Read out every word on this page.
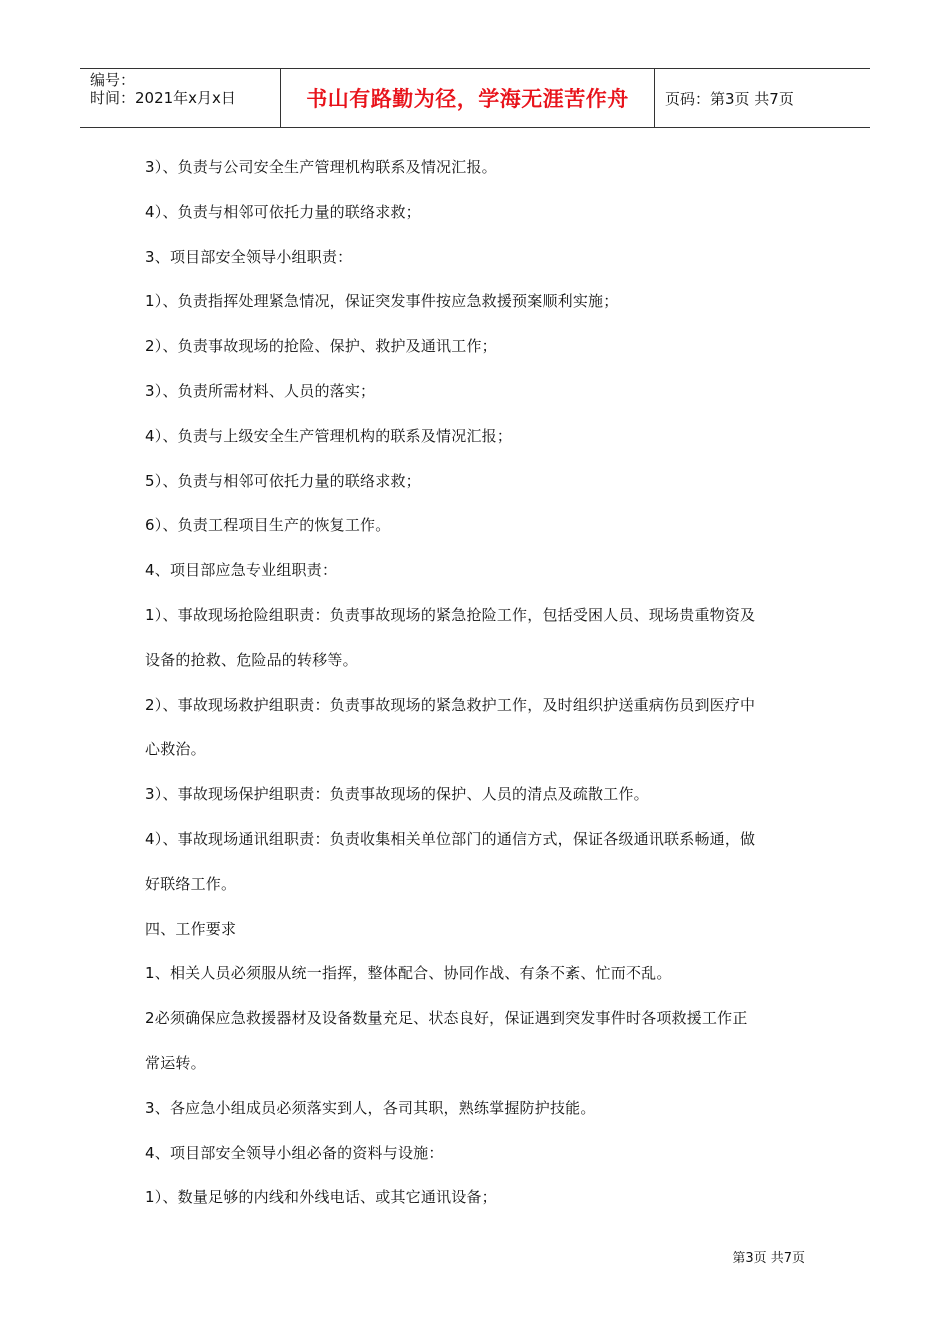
编号：
时间：2021年x月x日	书山有路勤为径，学海无涯苦作舟	页码：第3页 共7页
3）、负责与公司安全生产管理机构联系及情况汇报。
4）、负责与相邻可依托力量的联络求救；
3、项目部安全领导小组职责：
1）、负责指挥处理紧急情况，保证突发事件按应急救援预案顺利实施；
2）、负责事故现场的抢险、保护、救护及通讯工作；
3）、负责所需材料、人员的落实；
4）、负责与上级安全生产管理机构的联系及情况汇报；
5）、负责与相邻可依托力量的联络求救；
6）、负责工程项目生产的恢复工作。
4、项目部应急专业组职责：
1）、事故现场抢险组职责：负责事故现场的紧急抢险工作，包括受困人员、现场贵重物资及
设备的抢救、危险品的转移等。
2）、事故现场救护组职责：负责事故现场的紧急救护工作，及时组织护送重病伤员到医疗中
心救治。
3）、事故现场保护组职责：负责事故现场的保护、人员的清点及疏散工作。
4）、事故现场通讯组职责：负责收集相关单位部门的通信方式，保证各级通讯联系畅通，做
好联络工作。
四、工作要求
1、相关人员必须服从统一指挥，整体配合、协同作战、有条不紊、忙而不乱。
2必须确保应急救援器材及设备数量充足、状态良好，保证遇到突发事件时各项救援工作正
常运转。
3、各应急小组成员必须落实到人，各司其职，熟练掌握防护技能。
4、项目部安全领导小组必备的资料与设施：
1）、数量足够的内线和外线电话、或其它通讯设备；
第3页 共7页
